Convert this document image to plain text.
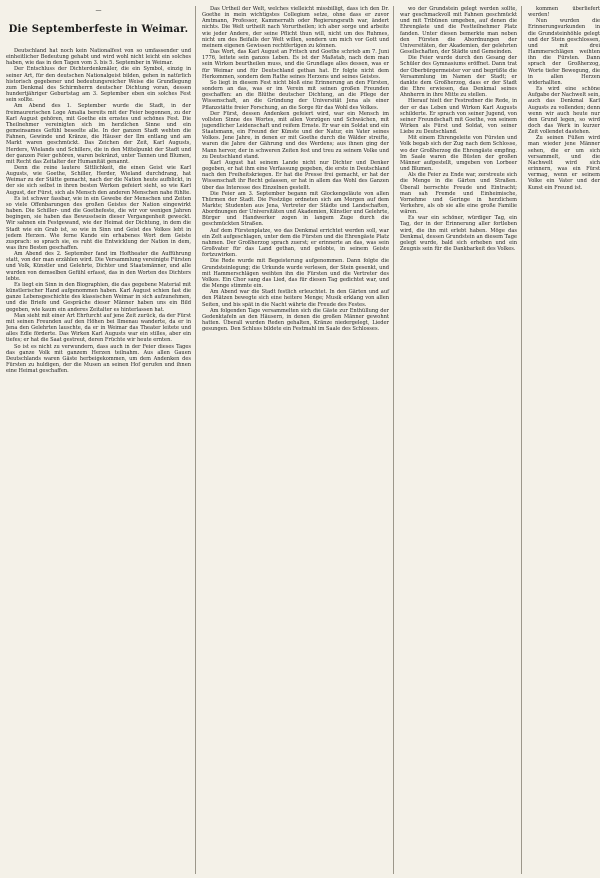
—
Die Septemberfeste in Weimar.

Deutschland hat noch kein Nationalfest von so umfassender und einheitlicher Bedeutung gehabt und wird wohl nicht leicht ein solches haben, wie das in den Tagen vom 3. bis 5. September in Weimar.

Der Entschluss der Dichterdenkmäler, die ein Symbol, einzig in seiner Art, für den deutschen Nationalgeist bilden, gehen in natürlich historisch gegebener und bedeutungsreicher Weise die Grundlegung zum Denkmal des Schirmherrn deutscher Dichtung voran, dessen hundertjähriger Geburtstag am 3. September eben ein solches Fest sein sollte.

Am Abend des 1. September wurde die Stadt, in der freimaurerischen Loge Amalia bereits mit der Feier begonnen, zu der Karl August gehören, mit Goethe ein ernstes und schönes Fest. Die Theilnehmer vereinigten sich im herzlichen Sinne und ein gemeinsames Gefühl beseelte alle. In der ganzen Stadt wehten die Fahnen, Gewinde und Kränze, die Häuser der Ilm entlang und am Markt waren geschmückt. Das Zeichen der Zeit, Karl Augusts, Herders, Wielands und Schillers, die in den Mittelpunkt der Stadt und der ganzen Feier gehören, waren bekränzt, unter Tannen und Blumen, mit Recht das Zeitalter der Humanität genannt.

Denn die reine lautere Sittlichkeit, die einen Geist wie Karl Augusts, wie Goethe, Schiller, Herder, Wieland durchdrang, hat Weimar zu der Stätte gemacht, nach der die Nation heute aufblickt, in der sie sich selbst in ihren besten Werken gefeiert sieht, so wie Karl August, der Fürst, sich als Mensch den anderen Menschen nahe fühlte.

Es ist schwer fassbar, wie in ein Gewebe der Menschen und Zeiten so viele Offenbarungen des großen Geistes der Nation eingewirkt haben. Die Schiller- und die Goethefeste, die wir vor wenigen Jahren begingen, sie haben das Bewusstsein dieser Vergangenheit geweckt. Wir sahnen ein Festgewand, wie der Heimat der Dichtung, in dem die Stadt wie ein Grab ist, so wie in Sinn und Geist des Volkes lebt in jedem Herzen. Wie ferne Kunde ein erhabenes Wort dem Geiste zusprach: so sprach sie, es ruht die Entwicklung der Nation in dem, was ihre Besten geschaffen.

Am Abend des 2. September fand im Hoftheater die Aufführung statt, von der man erzählen wird. Die Versammlung vereinigte Fürsten und Volk, Künstler und Gelehrte, Dichter und Staatsmänner, und alle wurden von demselben Gefühl erfasst, das in den Worten des Dichters lebte.

Es liegt ein Sinn in den Biographien, die das gegebene Material mit künstlerischer Hand aufgenommen haben. Karl August schien fast die ganze Lebensgeschichte des klassischen Weimar in sich aufzunehmen, und die Briefe und Gespräche dieser Männer haben uns ein Bild gegeben, wie kaum ein anderes Zeitalter es hinterlassen hat.

Man sieht mit einer Art Ehrfurcht auf jene Zeit zurück, da der Fürst mit seinen Freunden auf den Höhen bei Ilmenau wanderte, da er in Jena den Gelehrten lauschte, da er in Weimar das Theater leitete und alles Edle förderte. Das Wirken Karl Augusts war ein stilles, aber ein tiefes; er hat die Saat gestreut, deren Früchte wir heute ernten.

So ist es nicht zu verwundern, dass auch in der Feier dieses Tages das ganze Volk mit ganzem Herzen teilnahm. Aus allen Gauen Deutschlands waren Gäste herbeigekommen, um dem Andenken des Fürsten zu huldigen, der die Musen an seinen Hof gerufen und ihnen eine Heimat geschaffen.

Das Urtheil der Welt, welches vielleicht missbilligt, dass ich den Dr. Goethe in mein wichtigstes Collegium setze, ohne dass er zuvor Amtmann, Professor, Kammerrath oder Regierungsrath war, ändert nichts. Die Welt urtheilt nach Vorurtheilen; ich aber sorge und arbeite wie jeder Andere, der seine Pflicht thun will, nicht um des Ruhmes, nicht um des Beifalls der Welt willen, sondern um mich vor Gott und meinem eigenen Gewissen rechtfertigen zu können.

Das Wort, das Karl August an Fritsch und Goethe schrieb am 7. Juni 1776, leitete sein ganzes Leben. Es ist der Maßstab, nach dem man sein Wirken beurtheilen muss, und die Grundlage alles dessen, was er für Weimar und für Deutschland gethan hat. Er folgte nicht dem Herkommen, sondern dem Rathe seines Herzens und seines Geistes.

So liegt in diesem Fest nicht bloß eine Erinnerung an den Fürsten, sondern an das, was er im Verein mit seinen großen Freunden geschaffen: an die Blüthe deutscher Dichtung, an die Pflege der Wissenschaft, an die Gründung der Universität Jena als einer Pflanzstätte freier Forschung, an die Sorge für das Wohl des Volkes.

Der Fürst, dessen Andenken gefeiert wird, war ein Mensch im vollsten Sinne des Wortes, mit allen Vorzügen und Schwächen, mit jugendlicher Leidenschaft und reifem Ernste. Er war ein Soldat und ein Staatsmann, ein Freund der Künste und der Natur, ein Vater seines Volkes. Jene Jahre, in denen er mit Goethe durch die Wälder streifte, waren die Jahre der Gährung und des Werdens; aus ihnen ging der Mann hervor, der in schweren Zeiten fest und treu zu seinem Volke und zu Deutschland stand.

Karl August hat seinem Lande nicht nur Dichter und Denker gegeben, er hat ihm eine Verfassung gegeben, die erste in Deutschland nach den Freiheitskriegen. Er hat die Presse frei gemacht, er hat der Wissenschaft ihr Recht gelassen, er hat in allem das Wohl des Ganzen über das Interesse des Einzelnen gestellt.

Die Feier am 3. September begann mit Glockengeläute von allen Thürmen der Stadt. Die Festzüge ordneten sich am Morgen auf dem Markte; Studenten aus Jena, Vertreter der Städte und Landschaften, Abordnungen der Universitäten und Akademien, Künstler und Gelehrte, Bürger und Handwerker zogen in langem Zuge durch die geschmückten Straßen.

Auf dem Fürstenplatze, wo das Denkmal errichtet werden soll, war ein Zelt aufgeschlagen, unter dem die Fürsten und die Ehrengäste Platz nahmen. Der Großherzog sprach zuerst; er erinnerte an das, was sein Großvater für das Land gethan, und gelobte, in seinem Geiste fortzuwirken.

Die Rede wurde mit Begeisterung aufgenommen. Dann folgte die Grundsteinlegung; die Urkunde wurde verlesen, der Stein gesenkt, und mit Hammerschlägen weihten ihn die Fürsten und die Vertreter des Volkes. Ein Chor sang das Lied, das für diesen Tag gedichtet war, und die Menge stimmte ein.

Am Abend war die Stadt festlich erleuchtet. In den Gärten und auf den Plätzen bewegte sich eine heitere Menge; Musik erklang von allen Seiten, und bis spät in die Nacht währte die Freude des Festes.

Am folgenden Tage versammelten sich die Gäste zur Enthüllung der Gedenktafeln an den Häusern, in denen die großen Männer gewohnt hatten. Überall wurden Reden gehalten, Kränze niedergelegt, Lieder gesungen. Den Schluss bildete ein Festmahl im Saale des Schlosses.

wo der Grundstein gelegt werden sollte, war geschmackvoll mit Fahnen geschmückt und mit Tribünen umgeben, auf denen die Ehrengäste und die Festteilnehmer Platz fanden. Unter diesen bemerkte man neben den Fürsten die Abordnungen der Universitäten, der Akademien, der gelehrten Gesellschaften, der Städte und Gemeinden.

Die Feier wurde durch den Gesang der Schüler des Gymnasiums eröffnet. Dann trat der Oberbürgermeister vor und begrüßte die Versammlung im Namen der Stadt; er dankte dem Großherzog, dass er der Stadt die Ehre erwiesen, das Denkmal seines Ahnherrn in ihre Mitte zu stellen.

Hierauf hielt der Festredner die Rede, in der er das Leben und Wirken Karl Augusts schilderte. Er sprach von seiner Jugend, von seiner Freundschaft mit Goethe, von seinem Wirken als Fürst und Soldat, von seiner Liebe zu Deutschland.

Mit einem Ehrengeleite von Fürsten und Volk begab sich der Zug nach dem Schlosse, wo der Großherzog die Ehrengäste empfing. Im Saale waren die Büsten der großen Männer aufgestellt, umgeben von Lorbeer und Blumen.

Als die Feier zu Ende war, zerstreute sich die Menge in die Gärten und Straßen. Überall herrschte Freude und Eintracht; man sah Fremde und Einheimische, Vornehme und Geringe in herzlichem Verkehre, als ob sie alle eine große Familie wären.

Es war ein schöner, würdiger Tag, ein Tag, der in der Erinnerung aller fortleben wird, die ihn mit erlebt haben. Möge das Denkmal, dessen Grundstein an diesem Tage gelegt wurde, bald sich erheben und ein Zeugnis sein für die Dankbarkeit des Volkes.

kommen überliefert werden!

Nun wurden die Erinnerungsurkunden in die Grundsteinhöhle gelegt und der Stein geschlossen, und mit drei Hammerschlägen weihten ihn die Fürsten. Dann sprach der Großherzog, Worte tiefer Bewegung, die in allen Herzen widerhallten.

Es wird eine schöne Aufgabe der Nachwelt sein, auch das Denkmal Karl Augusts zu vollenden; denn wenn wir auch heute nur den Grund legen, so wird doch das Werk in kurzer Zeit vollendet dastehen.

Zu seinen Füßen wird man wieder jene Männer sehen, die er um sich versammelt, und die Nachwelt wird sich erinnern, was ein Fürst vermag, wenn er seinem Volke ein Vater und der Kunst ein Freund ist.
